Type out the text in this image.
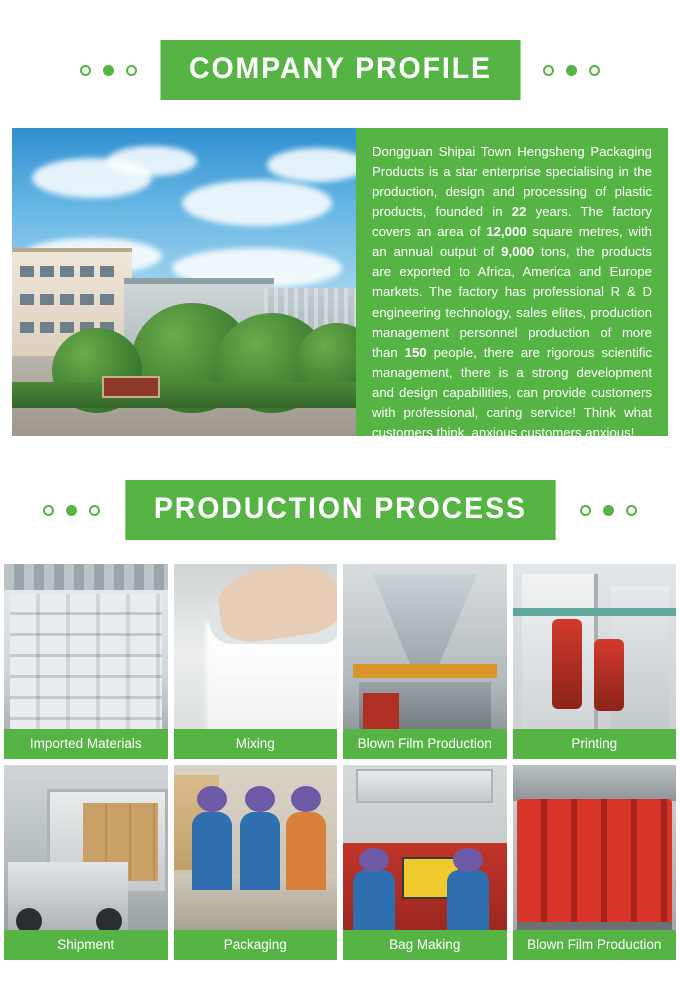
COMPANY PROFILE
Dongguan Shipai Town Hengsheng Packaging Products is a star enterprise specialising in the production, design and processing of plastic products, founded in 22 years. The factory covers an area of 12,000 square metres, with an annual output of 9,000 tons, the products are exported to Africa, America and Europe markets. The factory has professional R & D engineering technology, sales elites, production management personnel production of more than 150 people, there are rigorous scientific management, there is a strong development and design capabilities, can provide customers with professional, caring service! Think what customers think, anxious customers anxious!
PRODUCTION PROCESS
Imported Materials	Mixing	Blown Film Production	Printing
Shipment	Packaging	Bag Making	Blown Film Production
